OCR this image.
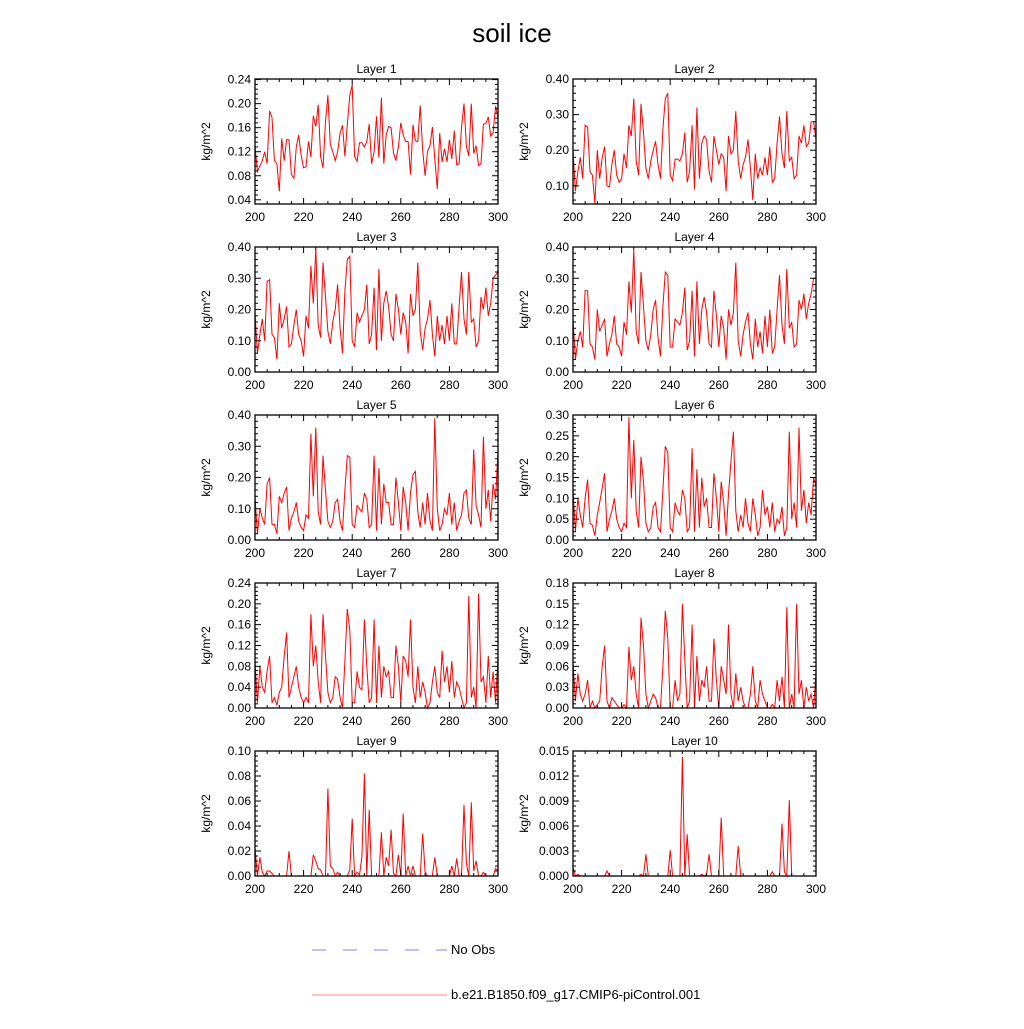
soil ice
Layer 1
kg/m^2
0.04
0.08
0.12
0.16
0.20
0.24
200 220 240 260 280 300
Layer 2
kg/m^2
0.10
0.20
0.30
0.40
200 220 240 260 280 300
Layer 3
kg/m^2
0.00
0.10
0.20
0.30
0.40
200 220 240 260 280 300
Layer 4
kg/m^2
0.00
0.10
0.20
0.30
0.40
200 220 240 260 280 300
Layer 5
kg/m^2
0.00
0.10
0.20
0.30
0.40
200 220 240 260 280 300
Layer 6
kg/m^2
0.00
0.05
0.10
0.15
0.20
0.25
0.30
200 220 240 260 280 300
Layer 7
kg/m^2
0.00
0.04
0.08
0.12
0.16
0.20
0.24
200 220 240 260 280 300
Layer 8
kg/m^2
0.00
0.03
0.06
0.09
0.12
0.15
0.18
200 220 240 260 280 300
Layer 9
kg/m^2
0.00
0.02
0.04
0.06
0.08
0.10
200 220 240 260 280 300
Layer 10
kg/m^2
0.000
0.003
0.006
0.009
0.012
0.015
200 220 240 260 280 300
No Obs
b.e21.B1850.f09_g17.CMIP6-piControl.001
